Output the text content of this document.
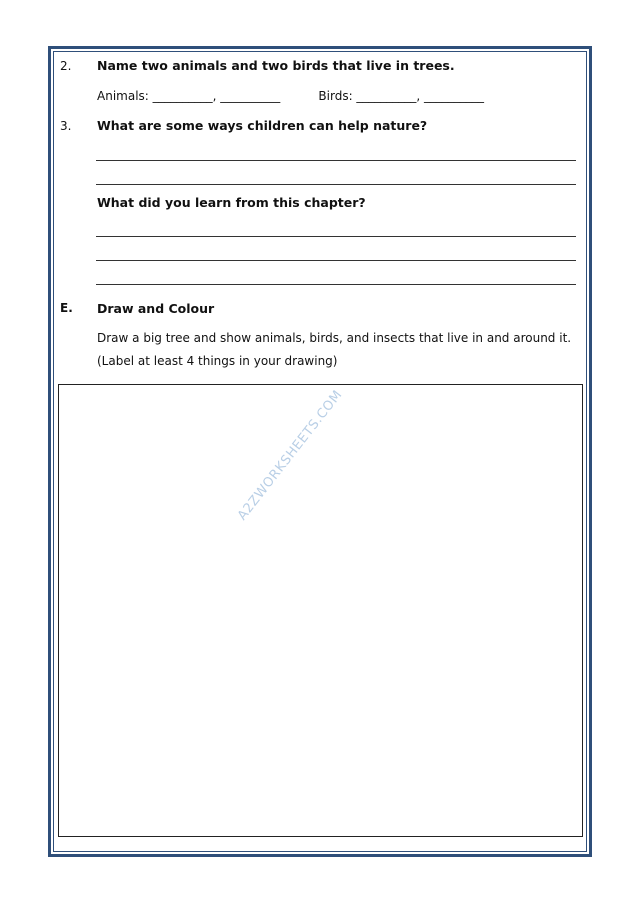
2. Name two animals and two birds that live in trees.
Animals: __________, __________          Birds: __________, __________
3. What are some ways children can help nature?
What did you learn from this chapter?
E. Draw and Colour
Draw a big tree and show animals, birds, and insects that live in and around it.
(Label at least 4 things in your drawing)
A2ZWORKSHEETS.COM
